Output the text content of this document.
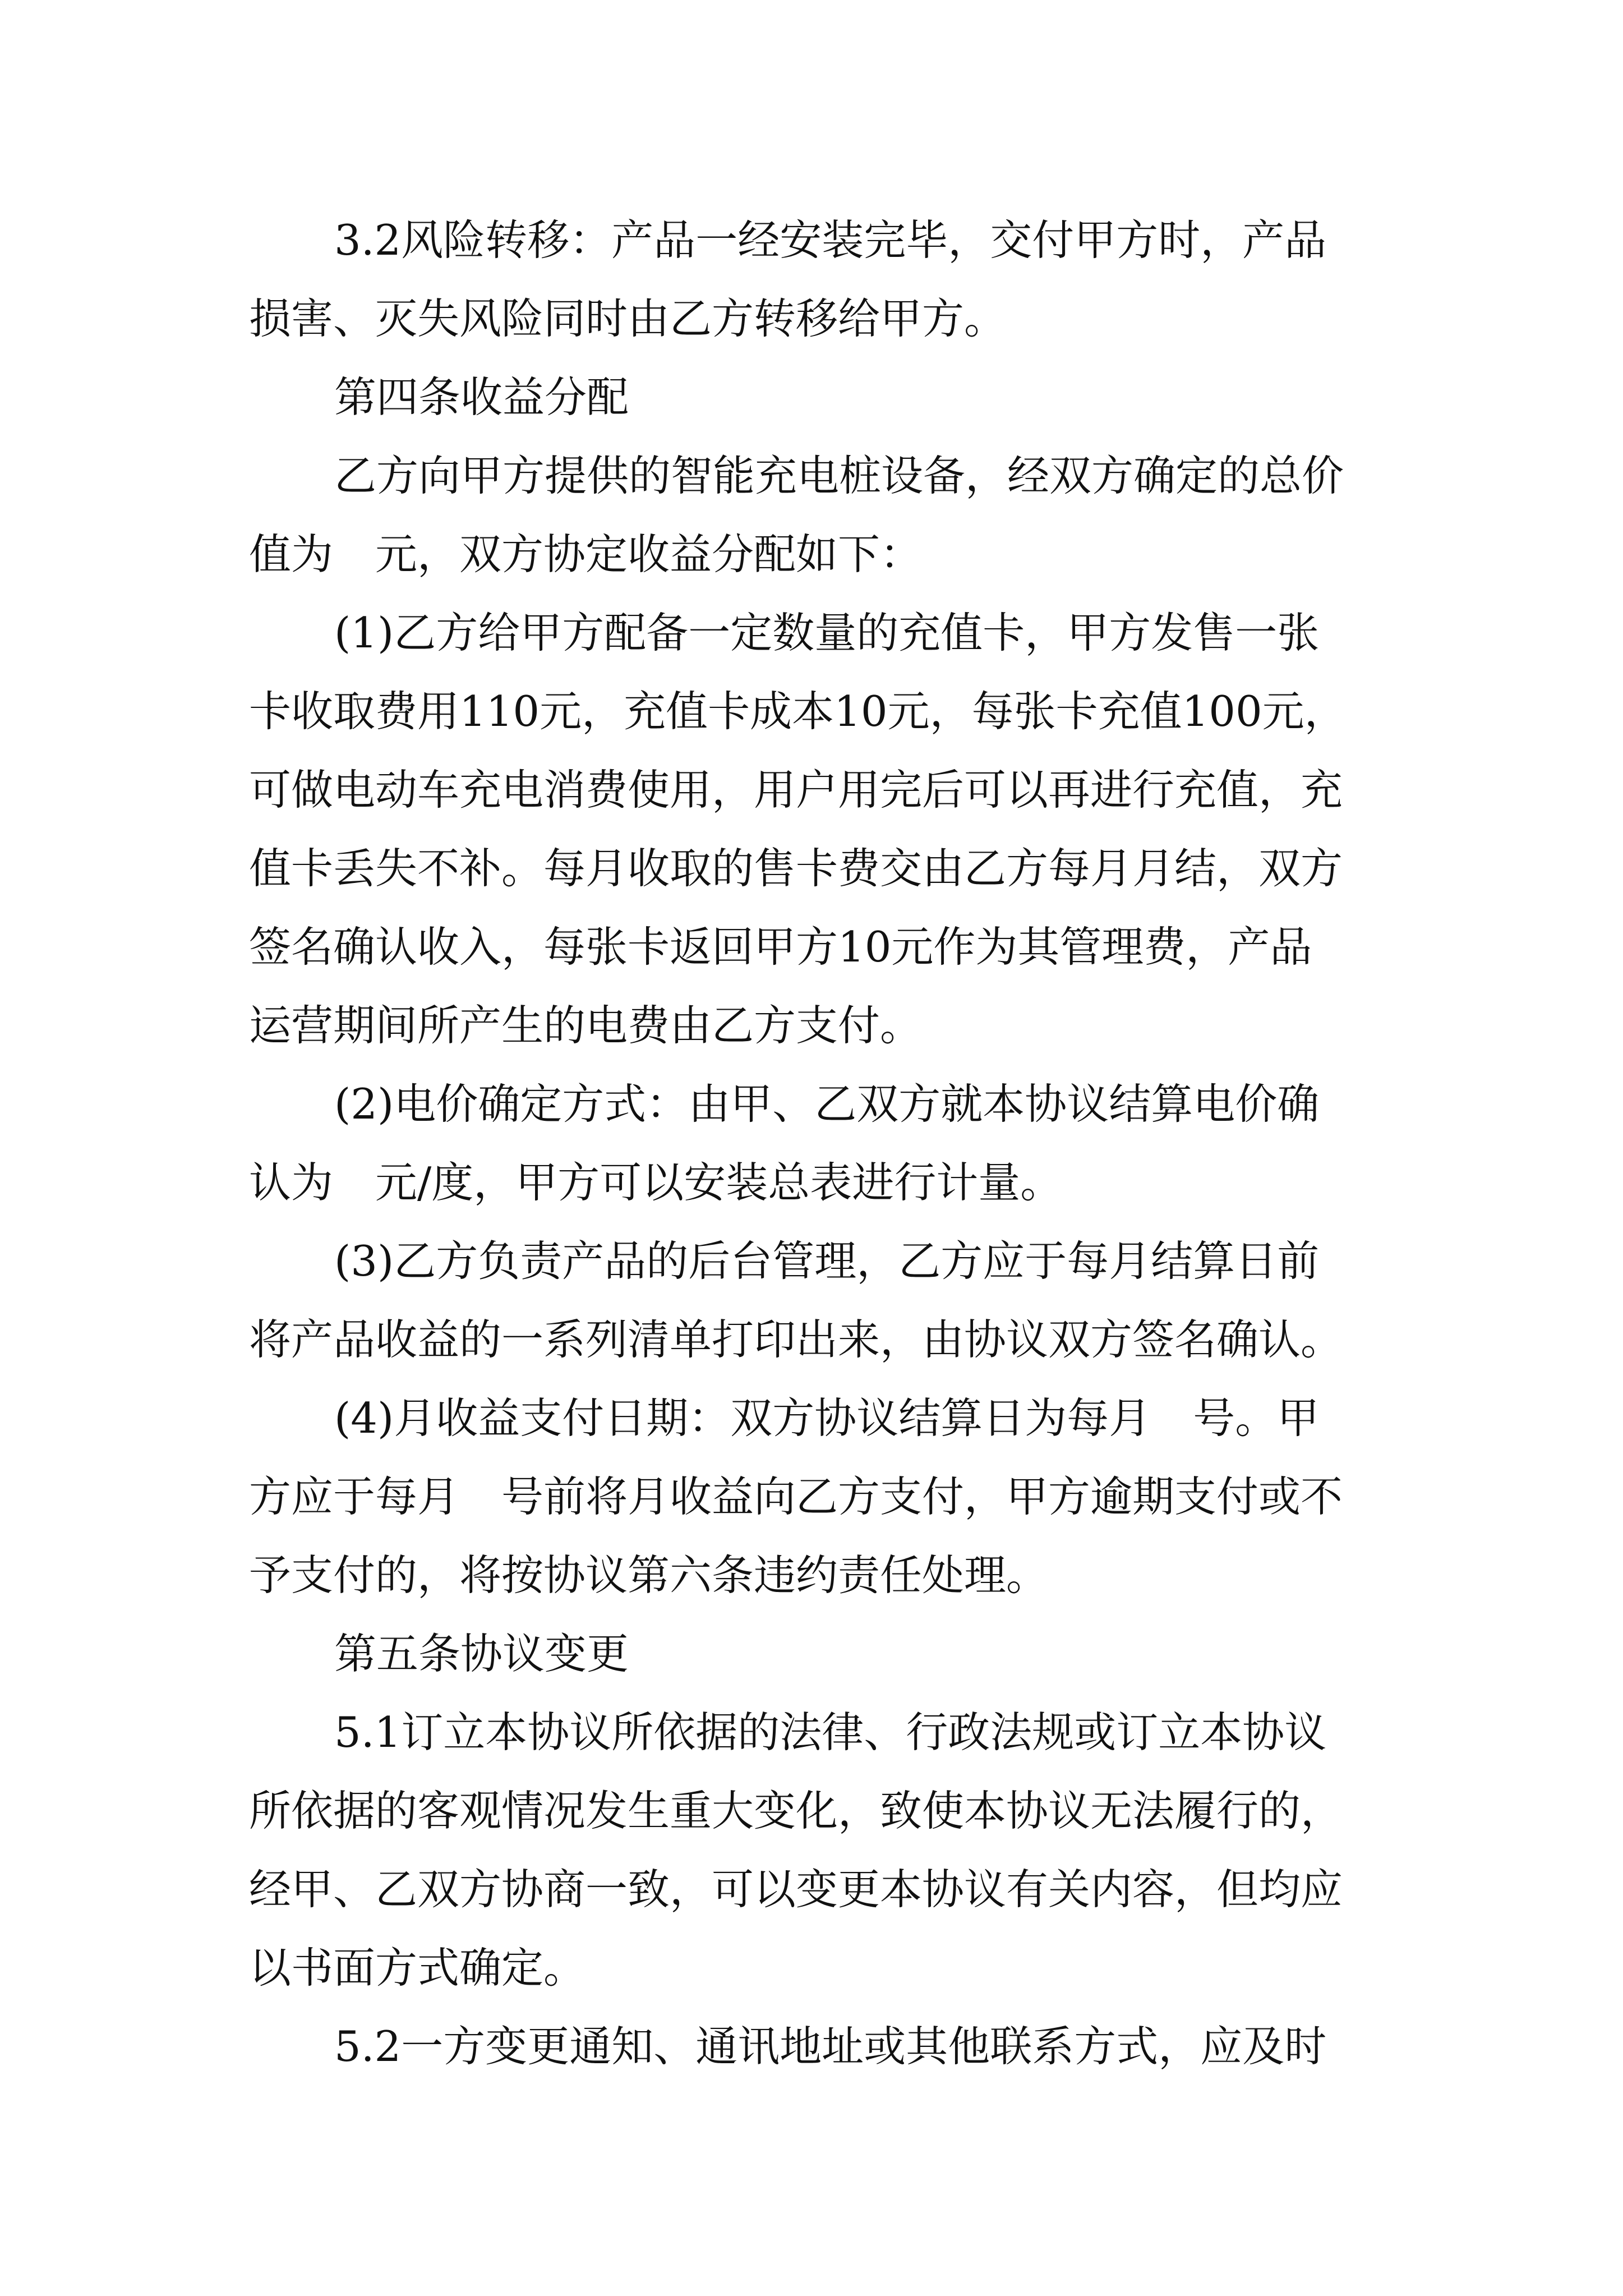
3.2风险转移：产品一经安装完毕，交付甲方时，产品
损害、灭失风险同时由乙方转移给甲方。
第四条收益分配
乙方向甲方提供的智能充电桩设备，经双方确定的总价
值为　元，双方协定收益分配如下：
(1)乙方给甲方配备一定数量的充值卡，甲方发售一张
卡收取费用110元，充值卡成本10元，每张卡充值100元，
可做电动车充电消费使用，用户用完后可以再进行充值，充
值卡丢失不补。每月收取的售卡费交由乙方每月月结，双方
签名确认收入，每张卡返回甲方10元作为其管理费，产品
运营期间所产生的电费由乙方支付。
(2)电价确定方式：由甲、乙双方就本协议结算电价确
认为　元/度，甲方可以安装总表进行计量。
(3)乙方负责产品的后台管理，乙方应于每月结算日前
将产品收益的一系列清单打印出来，由协议双方签名确认。
(4)月收益支付日期：双方协议结算日为每月　号。甲
方应于每月　号前将月收益向乙方支付，甲方逾期支付或不
予支付的，将按协议第六条违约责任处理。
第五条协议变更
5.1订立本协议所依据的法律、行政法规或订立本协议
所依据的客观情况发生重大变化，致使本协议无法履行的，
经甲、乙双方协商一致，可以变更本协议有关内容，但均应
以书面方式确定。
5.2一方变更通知、通讯地址或其他联系方式，应及时
